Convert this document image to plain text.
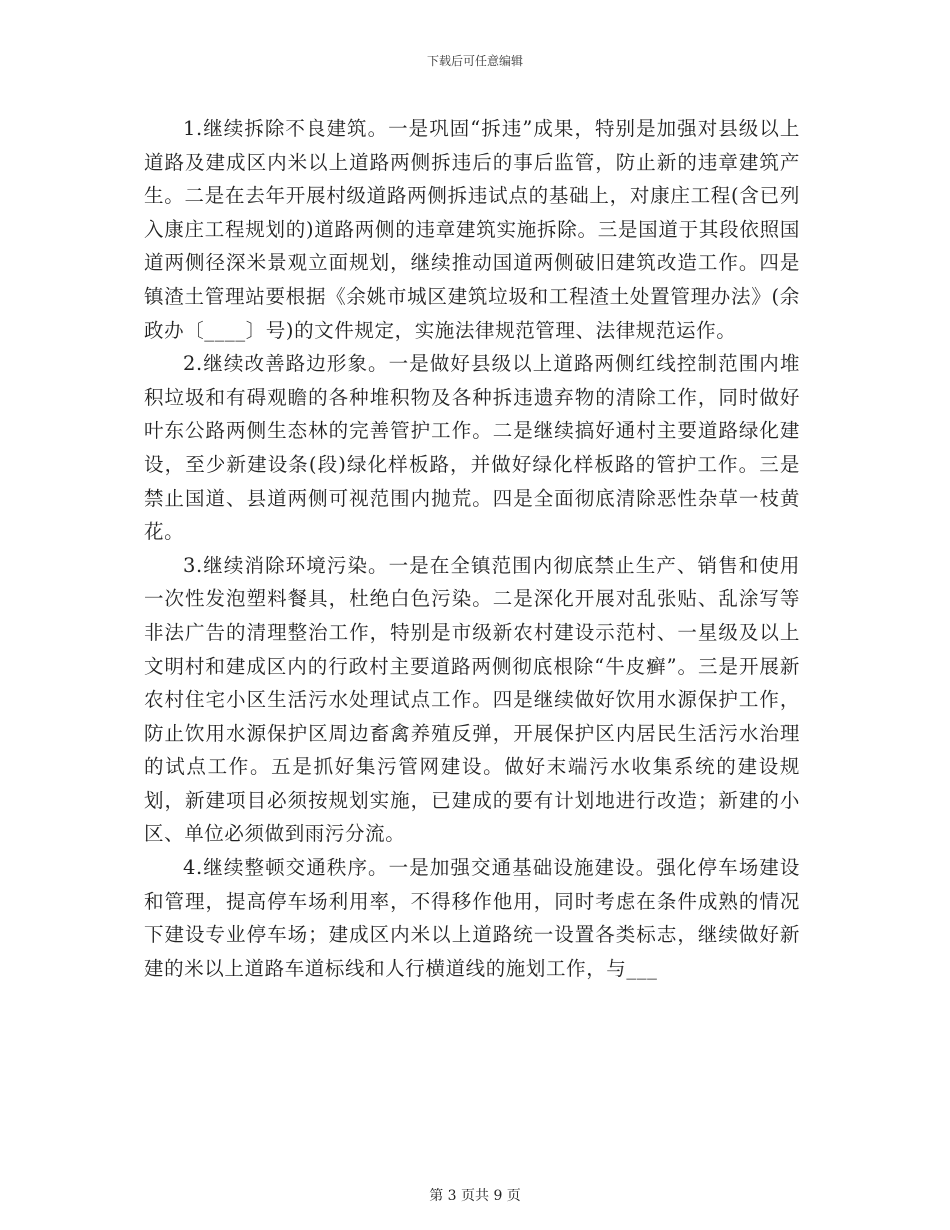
下载后可任意编辑

1.继续拆除不良建筑。一是巩固“拆违”成果，特别是加强对县级以上道路及建成区内米以上道路两侧拆违后的事后监管，防止新的违章建筑产生。二是在去年开展村级道路两侧拆违试点的基础上，对康庄工程(含已列入康庄工程规划的)道路两侧的违章建筑实施拆除。三是国道于其段依照国道两侧径深米景观立面规划，继续推动国道两侧破旧建筑改造工作。四是镇渣土管理站要根据《余姚市城区建筑垃圾和工程渣土处置管理办法》(余政办〔____〕号)的文件规定，实施法律规范管理、法律规范运作。

2.继续改善路边形象。一是做好县级以上道路两侧红线控制范围内堆积垃圾和有碍观瞻的各种堆积物及各种拆违遗弃物的清除工作，同时做好叶东公路两侧生态林的完善管护工作。二是继续搞好通村主要道路绿化建设，至少新建设条(段)绿化样板路，并做好绿化样板路的管护工作。三是禁止国道、县道两侧可视范围内抛荒。四是全面彻底清除恶性杂草一枝黄花。

3.继续消除环境污染。一是在全镇范围内彻底禁止生产、销售和使用一次性发泡塑料餐具，杜绝白色污染。二是深化开展对乱张贴、乱涂写等非法广告的清理整治工作，特别是市级新农村建设示范村、一星级及以上文明村和建成区内的行政村主要道路两侧彻底根除“牛皮癣”。三是开展新农村住宅小区生活污水处理试点工作。四是继续做好饮用水源保护工作，防止饮用水源保护区周边畜禽养殖反弹，开展保护区内居民生活污水治理的试点工作。五是抓好集污管网建设。做好末端污水收集系统的建设规划，新建项目必须按规划实施，已建成的要有计划地进行改造；新建的小区、单位必须做到雨污分流。

4.继续整顿交通秩序。一是加强交通基础设施建设。强化停车场建设和管理，提高停车场利用率，不得移作他用，同时考虑在条件成熟的情况下建设专业停车场；建成区内米以上道路统一设置各类标志，继续做好新建的米以上道路车道标线和人行横道线的施划工作，与___

第 3 页共 9 页
